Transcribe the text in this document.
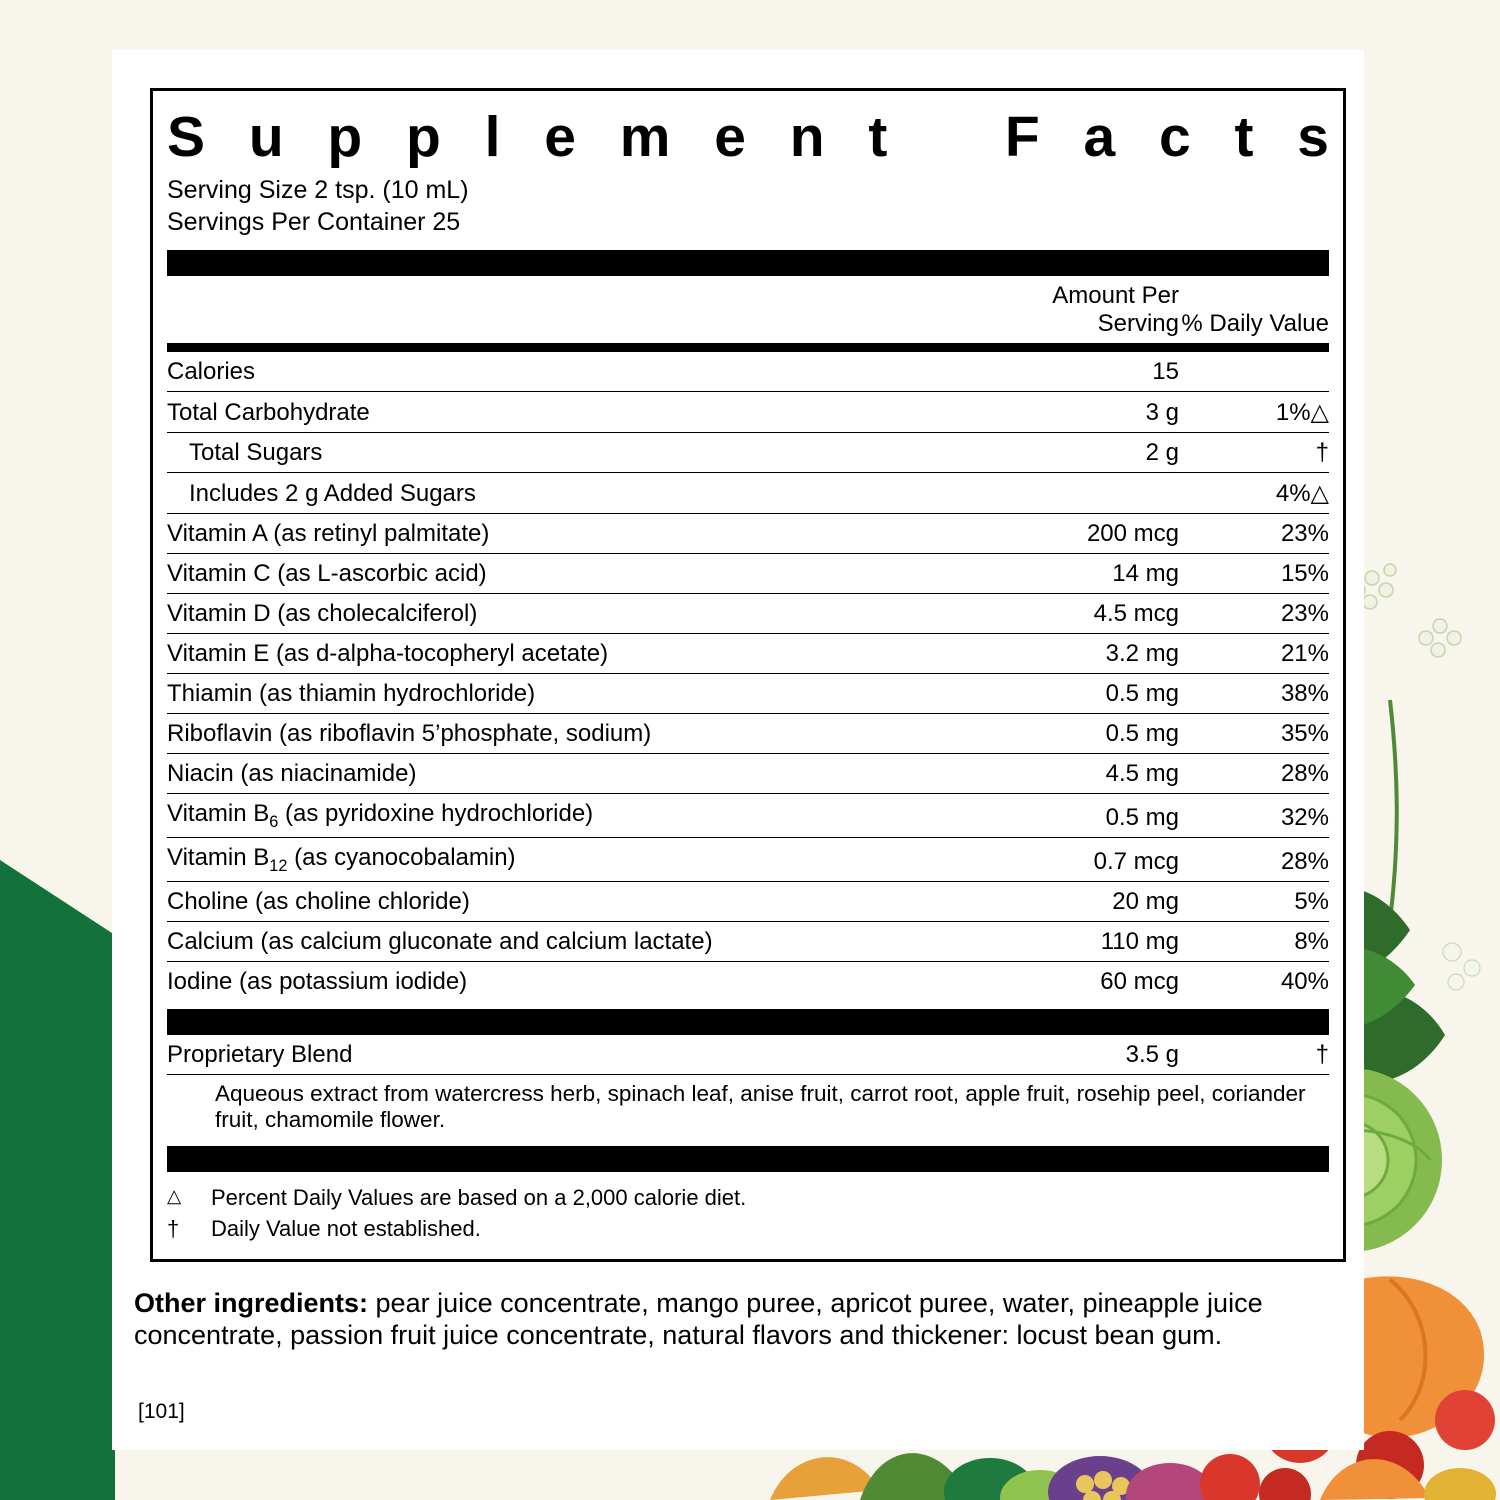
S u p p l e m e n t F a c t s
Serving Size 2 tsp. (10 mL)
Servings Per Container 25
	Amount Per Serving	% Daily Value
Calories	15	
Total Carbohydrate	3 g	1%△
Total Sugars	2 g	†
Includes 2 g Added Sugars		4%△
Vitamin A (as retinyl palmitate)	200 mcg	23%
Vitamin C (as L-ascorbic acid)	14 mg	15%
Vitamin D (as cholecalciferol)	4.5 mcg	23%
Vitamin E (as d-alpha-tocopheryl acetate)	3.2 mg	21%
Thiamin (as thiamin hydrochloride)	0.5 mg	38%
Riboflavin (as riboflavin 5’phosphate, sodium)	0.5 mg	35%
Niacin (as niacinamide)	4.5 mg	28%
Vitamin $B_6$ (as pyridoxine hydrochloride)	0.5 mg	32%
Vitamin $B_{12}$ (as cyanocobalamin)	0.7 mcg	28%
Choline (as choline chloride)	20 mg	5%
Calcium (as calcium gluconate and calcium lactate)	110 mg	8%
Iodine (as potassium iodide)	60 mcg	40%
Proprietary Blend	3.5 g	†
Aqueous extract from watercress herb, spinach leaf, anise fruit, carrot root, apple fruit, rosehip peel, coriander fruit, chamomile flower.
△	Percent Daily Values are based on a 2,000 calorie diet.
†	Daily Value not established.
Other ingredients: pear juice concentrate, mango puree, apricot puree, water, pineapple juice concentrate, passion fruit juice concentrate, natural flavors and thickener: locust bean gum.
[101]
